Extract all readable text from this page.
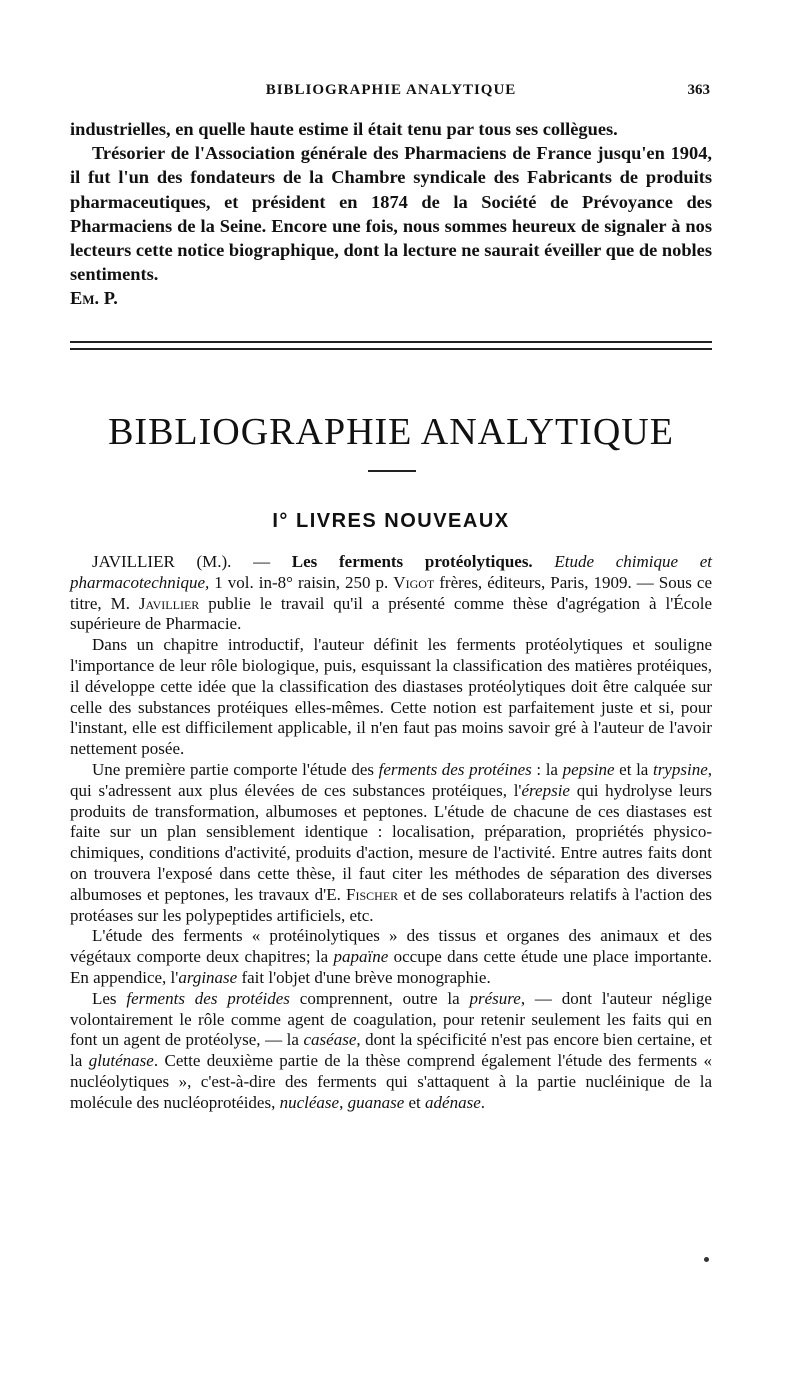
BIBLIOGRAPHIE ANALYTIQUE	363

industrielles, en quelle haute estime il était tenu par tous ses collègues.

Trésorier de l'Association générale des Pharmaciens de France jusqu'en 1904, il fut l'un des fondateurs de la Chambre syndicale des Fabricants de produits pharmaceutiques, et président en 1874 de la Société de Prévoyance des Pharmaciens de la Seine. Encore une fois, nous sommes heureux de signaler à nos lecteurs cette notice biographique, dont la lecture ne saurait éveiller que de nobles sentiments.

Em. P.

BIBLIOGRAPHIE ANALYTIQUE
I° LIVRES NOUVEAUX

JAVILLIER (M.). — Les ferments protéolytiques. Etude chimique et pharmacotechnique, 1 vol. in-8° raisin, 250 p. Vigot frères, éditeurs, Paris, 1909. — Sous ce titre, M. Javillier publie le travail qu'il a présenté comme thèse d'agrégation à l'École supérieure de Pharmacie.

Dans un chapitre introductif, l'auteur définit les ferments protéolytiques et souligne l'importance de leur rôle biologique, puis, esquissant la classification des matières protéiques, il développe cette idée que la classification des diastases protéolytiques doit être calquée sur celle des substances protéiques elles-mêmes. Cette notion est parfaitement juste et si, pour l'instant, elle est difficilement applicable, il n'en faut pas moins savoir gré à l'auteur de l'avoir nettement posée.

Une première partie comporte l'étude des ferments des protéines : la pepsine et la trypsine, qui s'adressent aux plus élevées de ces substances protéiques, l'érepsie qui hydrolyse leurs produits de transformation, albumoses et peptones. L'étude de chacune de ces diastases est faite sur un plan sensiblement identique : localisation, préparation, propriétés physico-chimiques, conditions d'activité, produits d'action, mesure de l'activité. Entre autres faits dont on trouvera l'exposé dans cette thèse, il faut citer les méthodes de séparation des diverses albumoses et peptones, les travaux d'E. Fischer et de ses collaborateurs relatifs à l'action des protéases sur les polypeptides artificiels, etc.

L'étude des ferments « protéinolytiques » des tissus et organes des animaux et des végétaux comporte deux chapitres; la papaïne occupe dans cette étude une place importante. En appendice, l'arginase fait l'objet d'une brève monographie.

Les ferments des protéides comprennent, outre la présure, — dont l'auteur néglige volontairement le rôle comme agent de coagulation, pour retenir seulement les faits qui en font un agent de protéolyse, — la caséase, dont la spécificité n'est pas encore bien certaine, et la gluténase. Cette deuxième partie de la thèse comprend également l'étude des ferments « nucléolytiques », c'est-à-dire des ferments qui s'attaquent à la partie nucléinique de la molécule des nucléoprotéides, nucléase, guanase et adénase.
